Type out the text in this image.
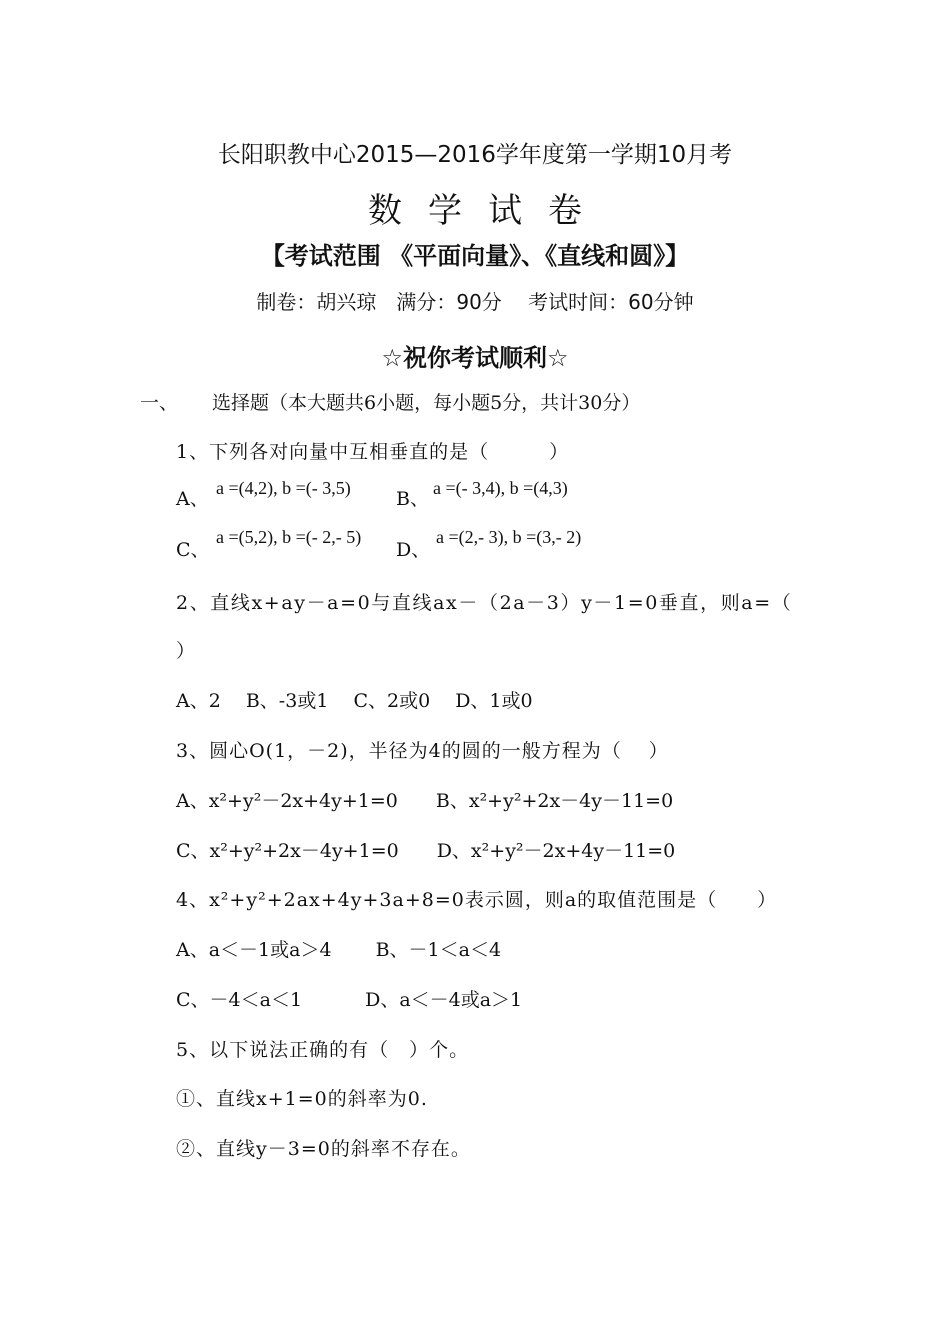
长阳职教中心2015—2016学年度第一学期10月考
数学试卷
【考试范围 《平面向量》、《直线和圆》】
制卷：胡兴琼　满分：90分　 考试时间：60分钟
☆祝你考试顺利☆
一、 选择题（本大题共6小题，每小题5分，共计30分）
1、下列各对向量中互相垂直的是（　　　）
A、 a =(4,2), b =(- 3,5) B、 a =(- 3,4), b =(4,3)
C、
a =(5,2), b =(- 2,- 5)
D、
a =(2,- 3), b =(3,- 2)
2、直线x+ay－a=0与直线ax－（2a－3）y－1=0垂直，则a=（
）
A、2　 B、-3或1　 C、2或0　 D、1或0
3、圆心O(1，－2)，半径为4的圆的一般方程为（　 ）
A、x²+y²－2x+4y+1=0　　B、x²+y²+2x－4y－11=0
C、x²+y²+2x－4y+1=0　　D、x²+y²－2x+4y－11=0
4、x²+y²+2ax+4y+3a+8=0表示圆，则a的取值范围是（　　）
A、a＜－1或a＞4　　 B、－1＜a＜4
C、－4＜a＜1　　　 D、a＜－4或a＞1
5、以下说法正确的有（　）个。
①、直线x+1=0的斜率为0.
②、直线y－3=0的斜率不存在。
